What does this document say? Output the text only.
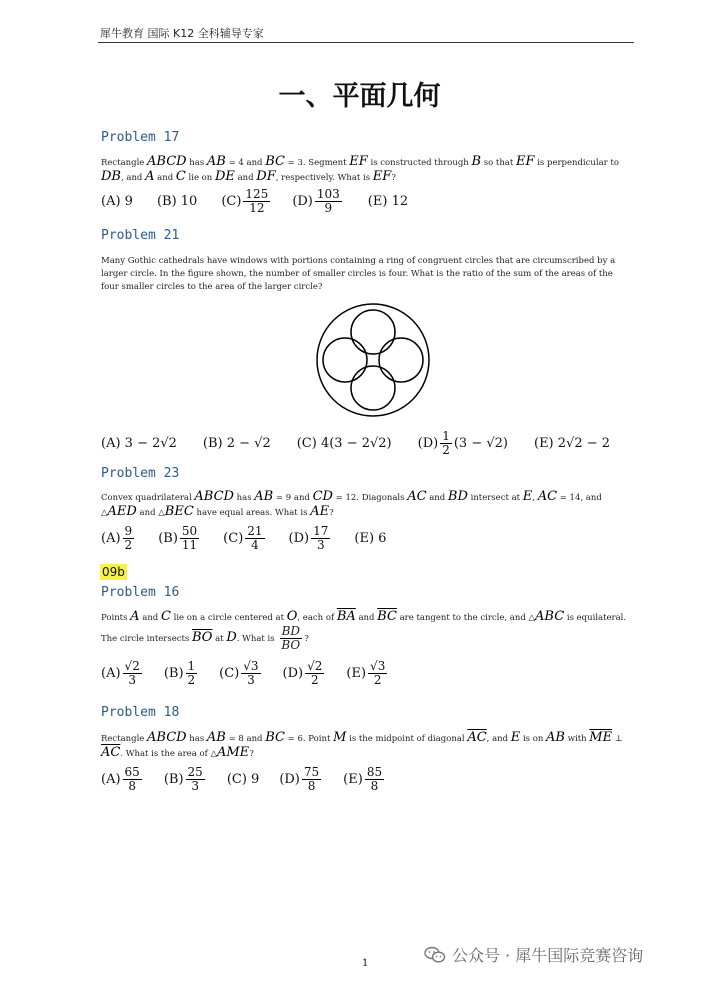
犀牛教育 国际 K12 全科辅导专家
一、平面几何
Problem 17
Rectangle ABCD has AB = 4 and BC = 3. Segment EF is constructed through B so that EF is perpendicular to DB, and A and C lie on DE and DF, respectively. What is EF?
(A) 9 (B) 10 $(C) \frac{125}{12} (D) \frac{103}{9} (E)$ 12
Problem 21
Many Gothic cathedrals have windows with portions containing a ring of congruent circles that are circumscribed by a larger circle. In the figure shown, the number of smaller circles is four. What is the ratio of the sum of the areas of the four smaller circles to the area of the larger circle?
(A) 3 − 2√2 (B) 2 − √2 (C) 4(3 − 2√2) $(D) \frac{1}{2} (3 - √2)$ (E) 2√2 − 2
Problem 23
Convex quadrilateral ABCD has AB = 9 and CD = 12. Diagonals AC and BD intersect at E, AC = 14, and △AED and △BEC have equal areas. What is AE?
$(A) \frac{9}{2} (B) \frac{50}{11} (C) \frac{21}{4} (D) \frac{17}{3} (E)$ 6
09b
Problem 16
Points A and C lie on a circle centered at O, each of $\overline{BA}$ and $\overline{BC}$ are tangent to the circle, and △ABC is equilateral. The circle intersects $\overline{BO}$ at D. What is $\frac{BD}{BO}$ ?
$(A) \frac{√2}{3} (B) \frac{1}{2} (C) \frac{√3}{3} (D) \frac{√2}{2} (E) \frac{√3}{2}$
Problem 18
Rectangle ABCD has AB = 8 and BC = 6. Point M is the midpoint of diagonal $\overline{AC}$, and E is on AB with $\overline{ME}$ ⊥ $\overline{AC}$. What is the area of △AME?
$(A) \frac{65}{8} (B) \frac{25}{3} (C)$ 9 $(D) \frac{75}{8} (E) \frac{85}{8}$
1	公众号 · 犀牛国际竞赛咨询
